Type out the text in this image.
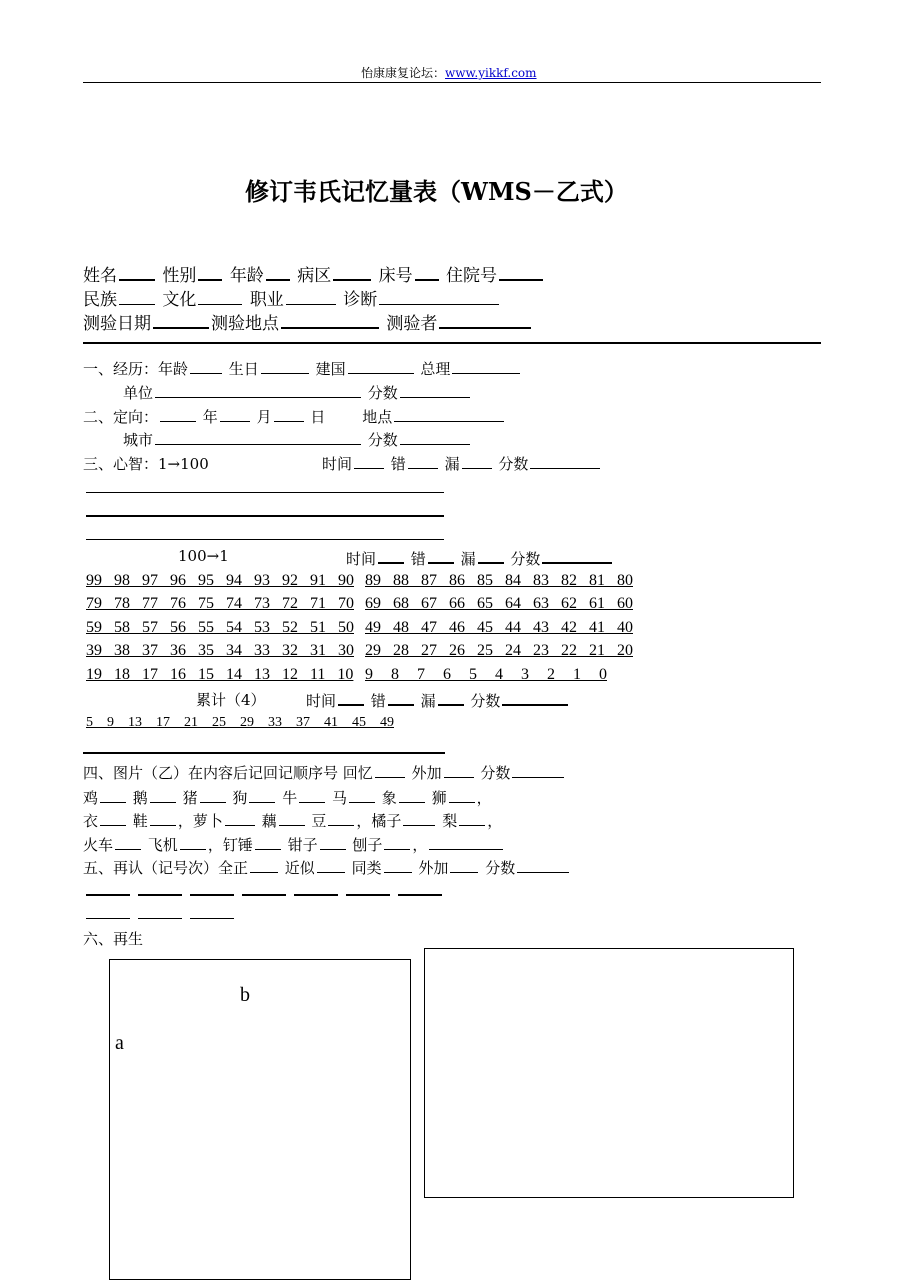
怡康康复论坛：www.yikkf.com
修订韦氏记忆量表（WMS－乙式）
姓名	性别 年龄 病区	床号 住院号
民族	文化	职业	诊断
测验日期	测验地点	测验者
一、经历：年龄	生日	建国	总理
单位	分数
二、定向：	年	月	日 地点
城市	分数
三、心智：1→100	时间	错	漏	分数
100→1	时间 错 漏 分数
99  98  97  96  95  94  93  92  91  90 89  88  87  86  85  84  83  82  81  80
79  78  77  76  75  74  73  72  71  70 69  68  67  66  65  64  63  62  61  60
59  58  57  56  55  54  53  52  51  50 49  48  47  46  45  44  43  42  41  40
39  38  37  36  35  34  33  32  31  30 29  28  27  26  25  24  23  22  21  20
19  18  17  16  15  14  13  12  11  10 9   8   7   6   5   4   3   2   1   0
累计（4）	时间 错 漏 分数
5    9    13    17    21    25    29    33    37    41    45    49
四、图片（乙）在内容后记回记顺序号 回忆	外加	分数
鸡 鹅 猪 狗 牛 马 象 狮 ，
衣 鞋 ，萝卜	藕 豆 ，橘子	梨 ，
火车 飞机 ，钉锤 钳子 刨子 ，
五、再认（记号次）全正 近似 同类 外加 分数
六、再生
b
a
